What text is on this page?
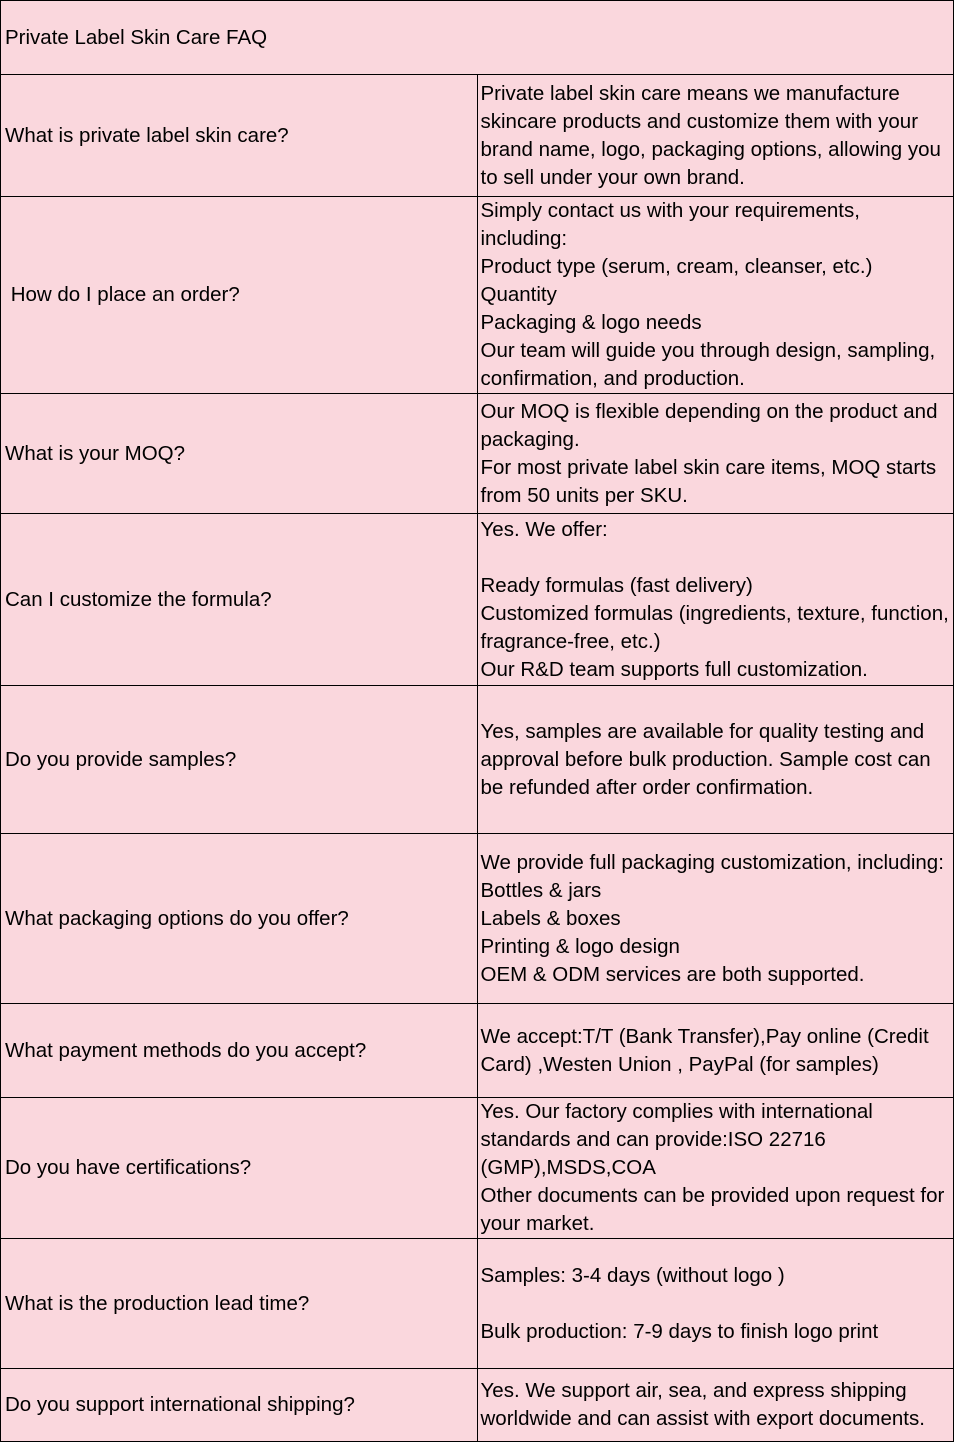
Private Label Skin Care FAQ	
What is private label skin care?	Private label skin care means we manufacture skincare products and customize them with your brand name, logo, packaging options, allowing you to sell under your own brand.
How do I place an order?	Simply contact us with your requirements, including:
Product type (serum, cream, cleanser, etc.)
Quantity
Packaging & logo needs
Our team will guide you through design, sampling, confirmation, and production.
What is your MOQ?	Our MOQ is flexible depending on the product and packaging.
For most private label skin care items, MOQ starts from 50 units per SKU.
Can I customize the formula?	Yes. We offer:

Ready formulas (fast delivery)
Customized formulas (ingredients, texture, function, fragrance-free, etc.)
Our R&D team supports full customization.
Do you provide samples?	Yes, samples are available for quality testing and approval before bulk production. Sample cost can be refunded after order confirmation.
What packaging options do you offer?	We provide full packaging customization, including:
Bottles & jars
Labels & boxes
Printing & logo design
OEM & ODM services are both supported.
What payment methods do you accept?	We accept:T/T (Bank Transfer),Pay online (Credit Card) ,Westen Union , PayPal (for samples)
Do you have certifications?	Yes. Our factory complies with international standards and can provide:ISO 22716 (GMP),MSDS,COA
Other documents can be provided upon request for your market.
What is the production lead time?	Samples: 3-4 days (without logo )

Bulk production: 7-9 days to finish logo print
Do you support international shipping?	Yes. We support air, sea, and express shipping worldwide and can assist with export documents.
